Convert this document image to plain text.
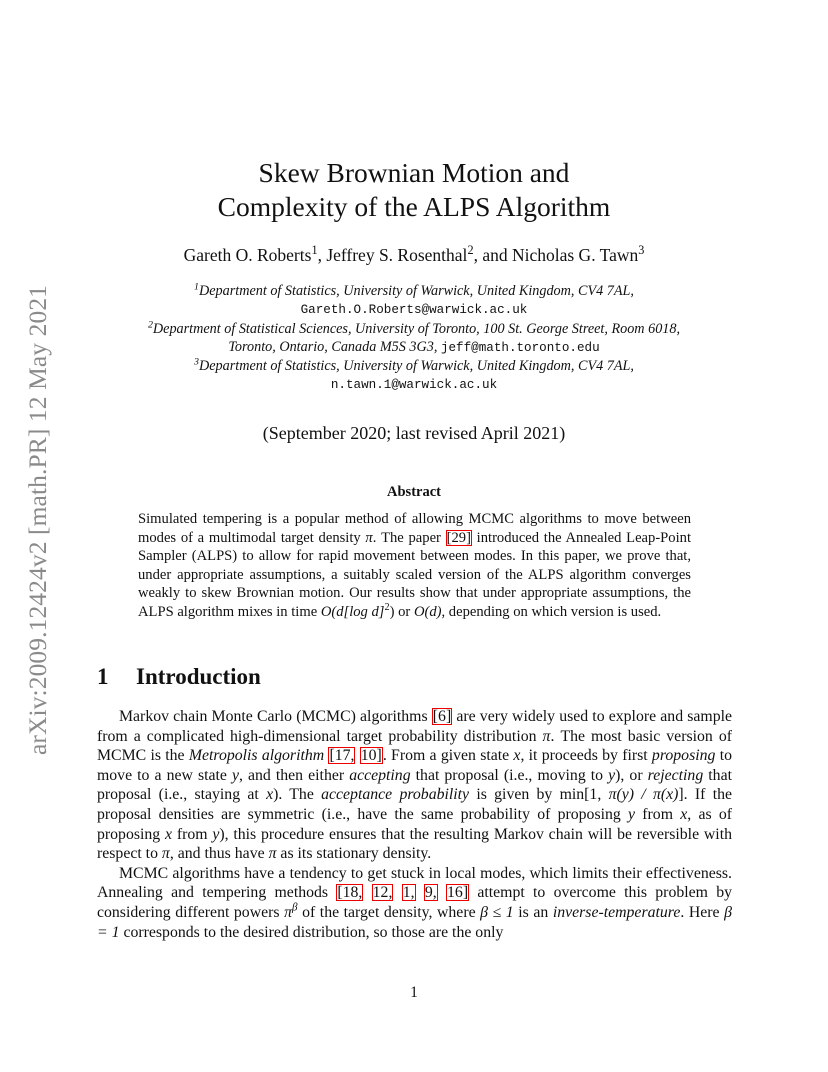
arXiv:2009.12424v2 [math.PR] 12 May 2021
Skew Brownian Motion and
Complexity of the ALPS Algorithm
Gareth O. Roberts$^1$, Jeffrey S. Rosenthal$^2$, and Nicholas G. Tawn$^3$
$^1$Department of Statistics, University of Warwick, United Kingdom, CV4 7AL,
Gareth.O.Roberts@warwick.ac.uk
$^2$Department of Statistical Sciences, University of Toronto, 100 St. George Street, Room 6018,
Toronto, Ontario, Canada M5S 3G3, jeff@math.toronto.edu
$^3$Department of Statistics, University of Warwick, United Kingdom, CV4 7AL,
n.tawn.1@warwick.ac.uk
(September 2020; last revised April 2021)
Abstract
Simulated tempering is a popular method of allowing MCMC algorithms to move between modes of a multimodal target density π. The paper [29] introduced the Annealed Leap-Point Sampler (ALPS) to allow for rapid movement between modes. In this paper, we prove that, under appropriate assumptions, a suitably scaled version of the ALPS algorithm converges weakly to skew Brownian motion. Our results show that under appropriate assumptions, the ALPS algorithm mixes in time O(d[log d]$^2$) or O(d), depending on which version is used.
1 Introduction

Markov chain Monte Carlo (MCMC) algorithms [6] are very widely used to explore and sample from a complicated high-dimensional target probability distribution π. The most basic version of MCMC is the Metropolis algorithm [17, 10]. From a given state x, it proceeds by first proposing to move to a new state y, and then either accepting that proposal (i.e., moving to y), or rejecting that proposal (i.e., staying at x). The acceptance probability is given by min[1, π(y) / π(x)]. If the proposal densities are symmetric (i.e., have the same probability of proposing y from x, as of proposing x from y), this procedure ensures that the resulting Markov chain will be reversible with respect to π, and thus have π as its stationary density.

MCMC algorithms have a tendency to get stuck in local modes, which limits their effectiveness. Annealing and tempering methods [18, 12, 1, 9, 16] attempt to overcome this problem by considering different powers $\pi^\beta$ of the target density, where β ≤ 1 is an inverse-temperature. Here β = 1 corresponds to the desired distribution, so those are the only

1
